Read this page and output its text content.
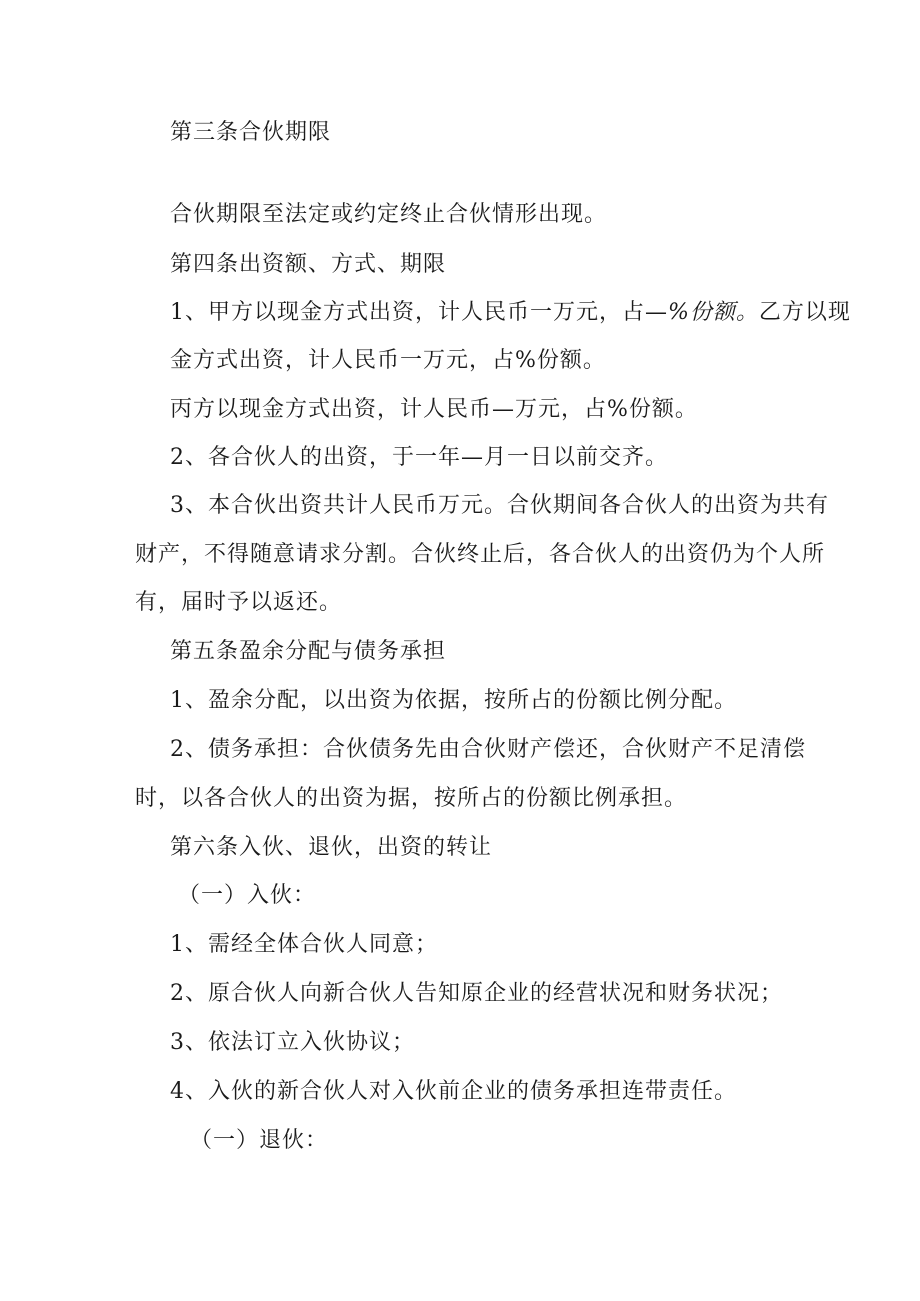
第三条合伙期限
合伙期限至法定或约定终止合伙情形出现。
第四条出资额、方式、期限
1、甲方以现金方式出资，计人民币一万元，占—%份额。乙方以现
金方式出资，计人民币一万元，占%份额。
丙方以现金方式出资，计人民币—万元，占%份额。
2、各合伙人的出资，于一年—月一日以前交齐。
3、本合伙出资共计人民币万元。合伙期间各合伙人的出资为共有
财产，不得随意请求分割。合伙终止后，各合伙人的出资仍为个人所
有，届时予以返还。
第五条盈余分配与债务承担
1、盈余分配，以出资为依据，按所占的份额比例分配。
2、债务承担：合伙债务先由合伙财产偿还，合伙财产不足清偿
时，以各合伙人的出资为据，按所占的份额比例承担。
第六条入伙、退伙，出资的转让
（一）入伙：
1、需经全体合伙人同意；
2、原合伙人向新合伙人告知原企业的经营状况和财务状况；
3、依法订立入伙协议；
4、入伙的新合伙人对入伙前企业的债务承担连带责任。
（一）退伙：
